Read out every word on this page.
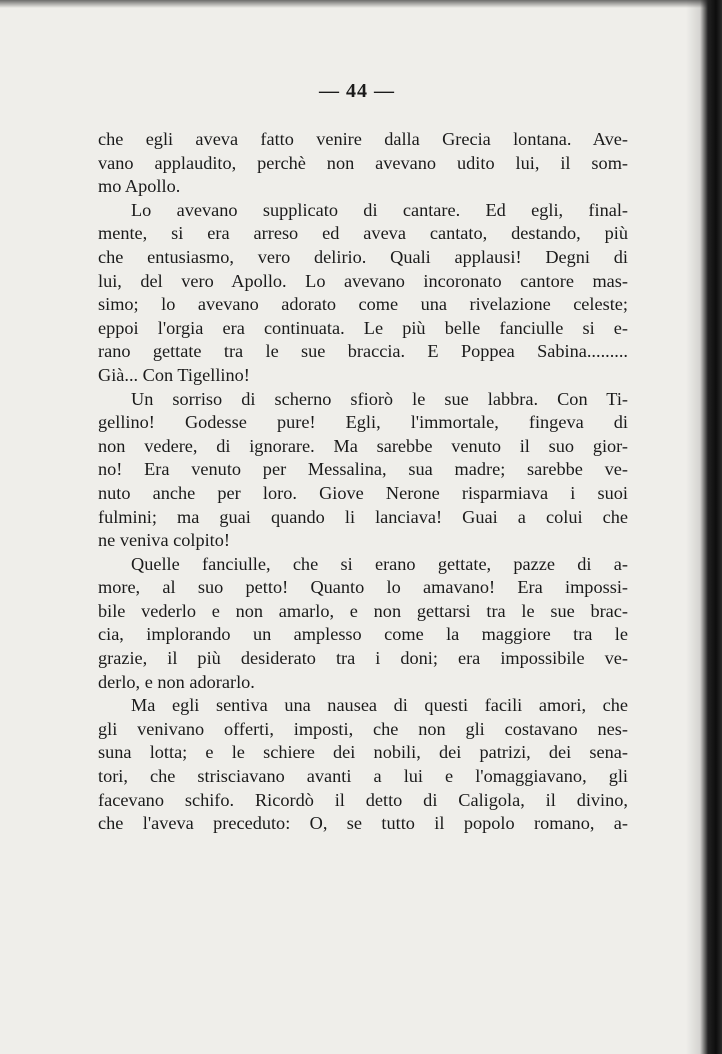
— 44 —
che egli aveva fatto venire dalla Grecia lontana. Ave-
vano applaudito, perchè non avevano udito lui, il som-
mo Apollo.
Lo avevano supplicato di cantare. Ed egli, final-
mente, si era arreso ed aveva cantato, destando, più
che entusiasmo, vero delirio. Quali applausi! Degni di
lui, del vero Apollo. Lo avevano incoronato cantore mas-
simo; lo avevano adorato come una rivelazione celeste;
eppoi l'orgia era continuata. Le più belle fanciulle si e-
rano gettate tra le sue braccia. E Poppea Sabina.........
Già... Con Tigellino!
Un sorriso di scherno sfiorò le sue labbra. Con Ti-
gellino! Godesse pure! Egli, l'immortale, fingeva di
non vedere, di ignorare. Ma sarebbe venuto il suo gior-
no! Era venuto per Messalina, sua madre; sarebbe ve-
nuto anche per loro. Giove Nerone risparmiava i suoi
fulmini; ma guai quando li lanciava! Guai a colui che
ne veniva colpito!
Quelle fanciulle, che si erano gettate, pazze di a-
more, al suo petto! Quanto lo amavano! Era impossi-
bile vederlo e non amarlo, e non gettarsi tra le sue brac-
cia, implorando un amplesso come la maggiore tra le
grazie, il più desiderato tra i doni; era impossibile ve-
derlo, e non adorarlo.
Ma egli sentiva una nausea di questi facili amori, che
gli venivano offerti, imposti, che non gli costavano nes-
suna lotta; e le schiere dei nobili, dei patrizi, dei sena-
tori, che strisciavano avanti a lui e l'omaggiavano, gli
facevano schifo. Ricordò il detto di Caligola, il divino,
che l'aveva preceduto: O, se tutto il popolo romano, a-
